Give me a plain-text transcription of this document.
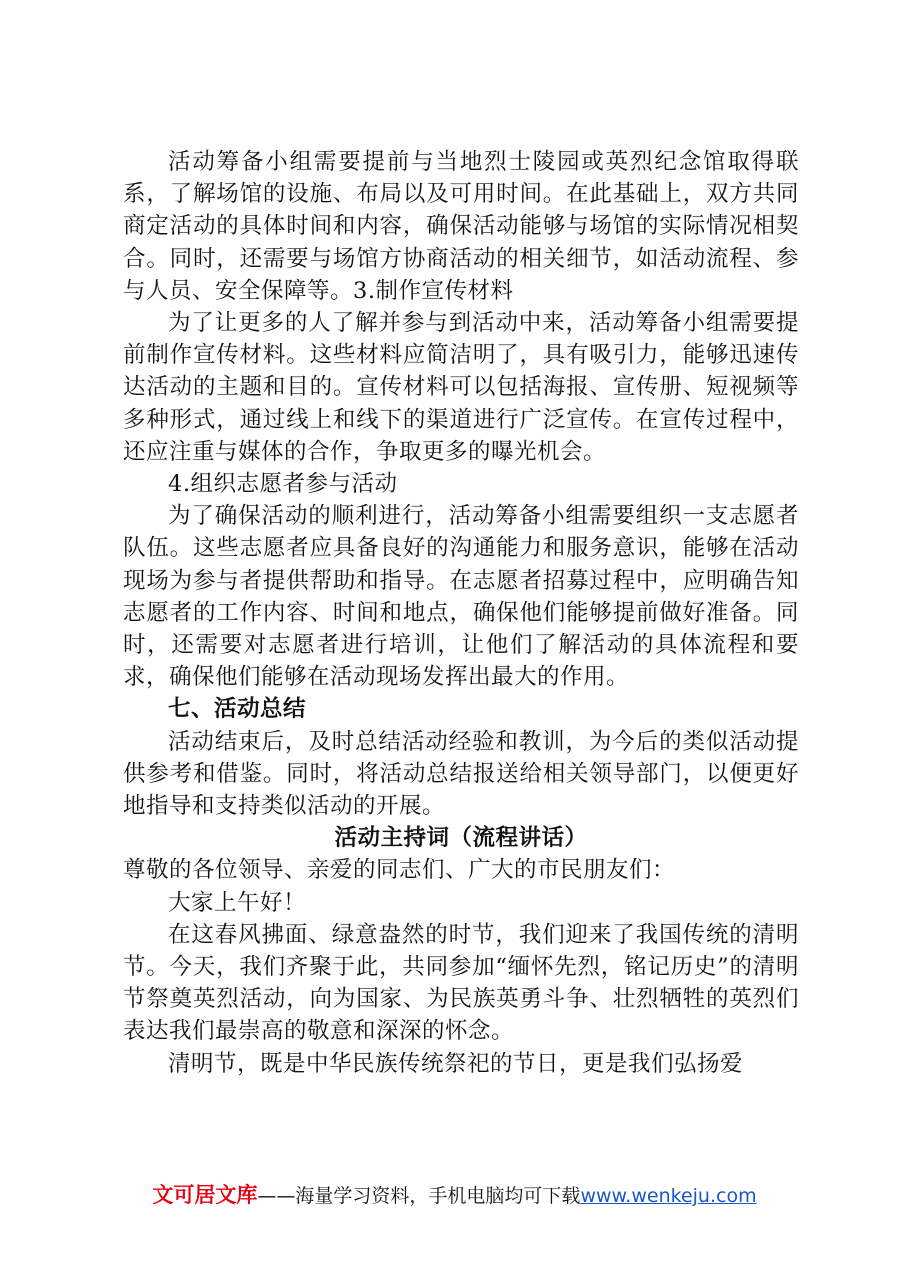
活动筹备小组需要提前与当地烈士陵园或英烈纪念馆取得联系，了解场馆的设施、布局以及可用时间。在此基础上，双方共同商定活动的具体时间和内容，确保活动能够与场馆的实际情况相契合。同时，还需要与场馆方协商活动的相关细节，如活动流程、参与人员、安全保障等。3.制作宣传材料

为了让更多的人了解并参与到活动中来，活动筹备小组需要提前制作宣传材料。这些材料应简洁明了，具有吸引力，能够迅速传达活动的主题和目的。宣传材料可以包括海报、宣传册、短视频等多种形式，通过线上和线下的渠道进行广泛宣传。在宣传过程中，还应注重与媒体的合作，争取更多的曝光机会。

4.组织志愿者参与活动

为了确保活动的顺利进行，活动筹备小组需要组织一支志愿者队伍。这些志愿者应具备良好的沟通能力和服务意识，能够在活动现场为参与者提供帮助和指导。在志愿者招募过程中，应明确告知志愿者的工作内容、时间和地点，确保他们能够提前做好准备。同时，还需要对志愿者进行培训，让他们了解活动的具体流程和要求，确保他们能够在活动现场发挥出最大的作用。

七、活动总结

活动结束后，及时总结活动经验和教训，为今后的类似活动提供参考和借鉴。同时，将活动总结报送给相关领导部门，以便更好地指导和支持类似活动的开展。

活动主持词（流程讲话）

尊敬的各位领导、亲爱的同志们、广大的市民朋友们：

大家上午好！

在这春风拂面、绿意盎然的时节，我们迎来了我国传统的清明节。今天，我们齐聚于此，共同参加“缅怀先烈，铭记历史”的清明节祭奠英烈活动，向为国家、为民族英勇斗争、壮烈牺牲的英烈们表达我们最崇高的敬意和深深的怀念。

清明节，既是中华民族传统祭祀的节日，更是我们弘扬爱

文可居文库——海量学习资料，手机电脑均可下载www.wenkeju.com
